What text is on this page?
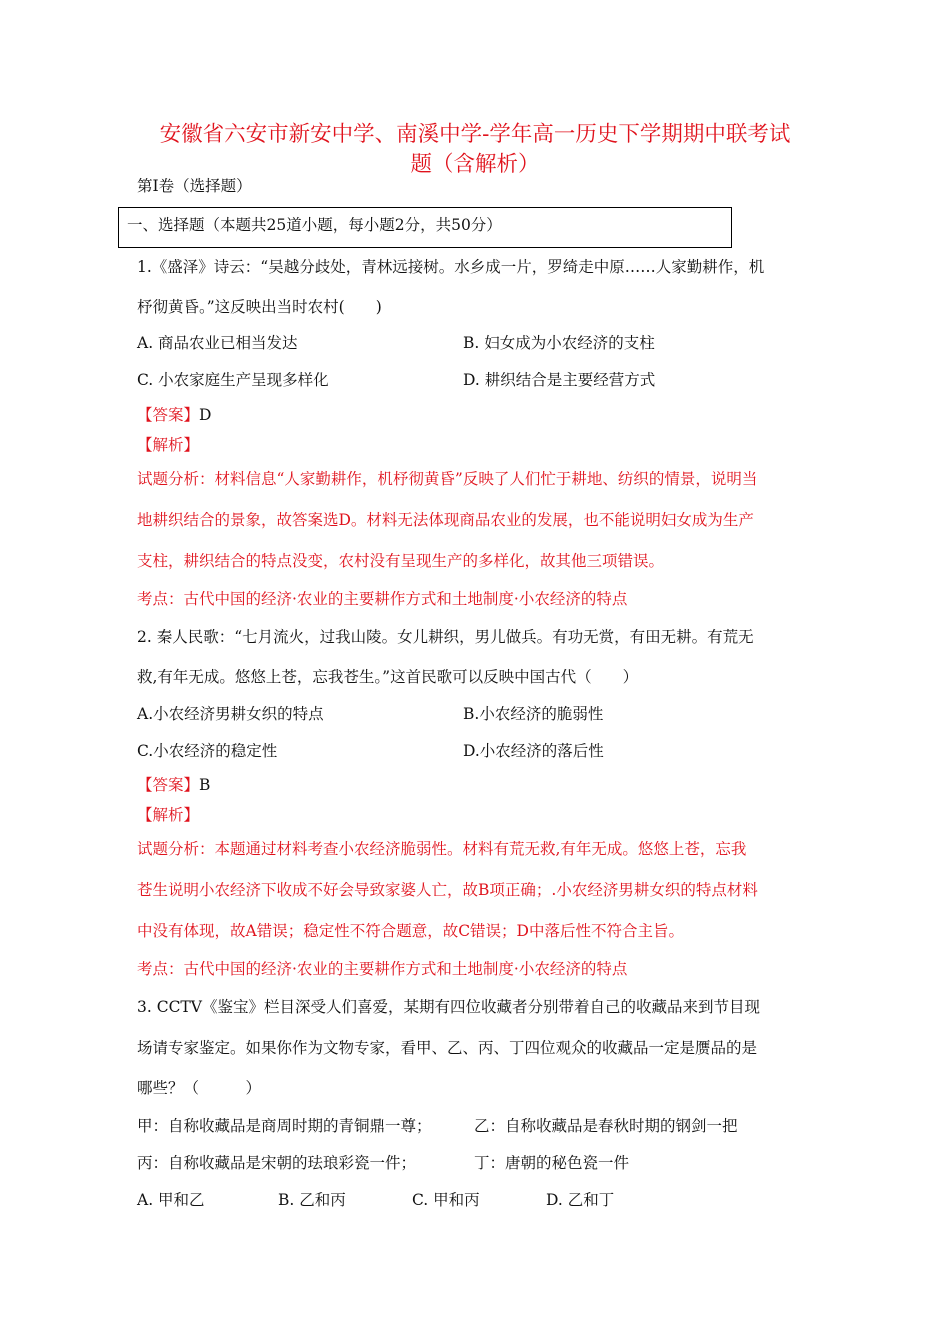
安徽省六安市新安中学、南溪中学-学年高一历史下学期期中联考试
题（含解析）
第Ⅰ卷（选择题）
一、选择题（本题共25道小题，每小题2分，共50分）
1.《盛泽》诗云：“吴越分歧处，青林远接树。水乡成一片，罗绮走中原……人家勤耕作，机
杼彻黄昏。”这反映出当时农村(　　)
A. 商品农业已相当发达	B. 妇女成为小农经济的支柱
C. 小农家庭生产呈现多样化	D. 耕织结合是主要经营方式
【答案】D
【解析】
试题分析：材料信息“人家勤耕作，机杼彻黄昏”反映了人们忙于耕地、纺织的情景，说明当
地耕织结合的景象，故答案选D。材料无法体现商品农业的发展，也不能说明妇女成为生产
支柱，耕织结合的特点没变，农村没有呈现生产的多样化，故其他三项错误。
考点：古代中国的经济·农业的主要耕作方式和土地制度·小农经济的特点
2. 秦人民歌：“七月流火，过我山陵。女儿耕织，男儿做兵。有功无赏，有田无耕。有荒无
救,有年无成。悠悠上苍，忘我苍生。”这首民歌可以反映中国古代（　　）
A.小农经济男耕女织的特点	B.小农经济的脆弱性
C.小农经济的稳定性	D.小农经济的落后性
【答案】B
【解析】
试题分析：本题通过材料考查小农经济脆弱性。材料有荒无救,有年无成。悠悠上苍，忘我
苍生说明小农经济下收成不好会导致家婆人亡，故B项正确；.小农经济男耕女织的特点材料
中没有体现，故A错误；稳定性不符合题意，故C错误；D中落后性不符合主旨。
考点：古代中国的经济·农业的主要耕作方式和土地制度·小农经济的特点
3. CCTV《鉴宝》栏目深受人们喜爱，某期有四位收藏者分别带着自己的收藏品来到节目现
场请专家鉴定。如果你作为文物专家，看甲、乙、丙、丁四位观众的收藏品一定是赝品的是
哪些？（　　　）
甲：自称收藏品是商周时期的青铜鼎一尊；	乙：自称收藏品是春秋时期的钢剑一把
丙：自称收藏品是宋朝的珐琅彩瓷一件；	丁：唐朝的秘色瓷一件
A. 甲和乙	B. 乙和丙	C. 甲和丙	D. 乙和丁
